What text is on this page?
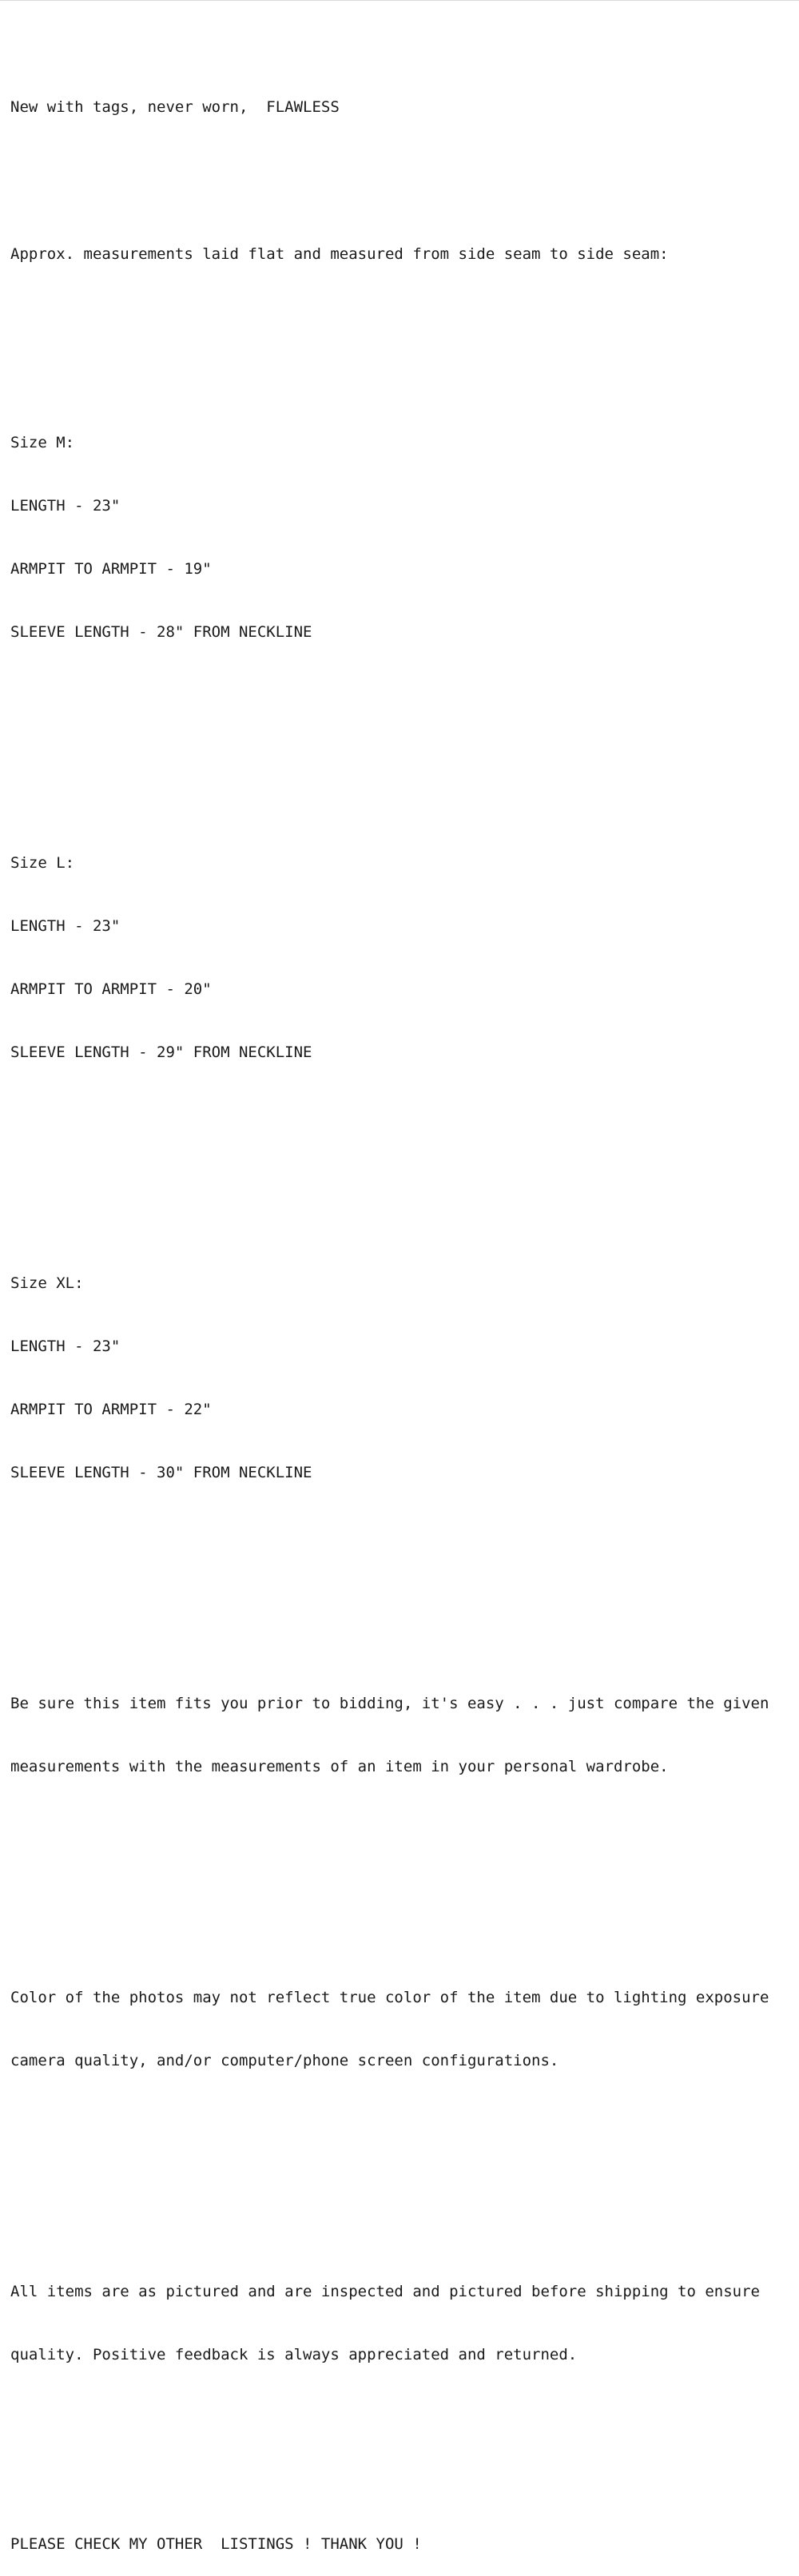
New with tags, never worn,  FLAWLESS

Approx. measurements laid flat and measured from side seam to side seam:

Size M:

LENGTH - 23"

ARMPIT TO ARMPIT - 19"

SLEEVE LENGTH - 28" FROM NECKLINE

Size L:

LENGTH - 23"

ARMPIT TO ARMPIT - 20"

SLEEVE LENGTH - 29" FROM NECKLINE

Size XL:

LENGTH - 23"

ARMPIT TO ARMPIT - 22"

SLEEVE LENGTH - 30" FROM NECKLINE

Be sure this item fits you prior to bidding, it's easy . . . just compare the given

measurements with the measurements of an item in your personal wardrobe.

Color of the photos may not reflect true color of the item due to lighting exposure

camera quality, and/or computer/phone screen configurations.

All items are as pictured and are inspected and pictured before shipping to ensure

quality. Positive feedback is always appreciated and returned.

PLEASE CHECK MY OTHER  LISTINGS ! THANK YOU !
